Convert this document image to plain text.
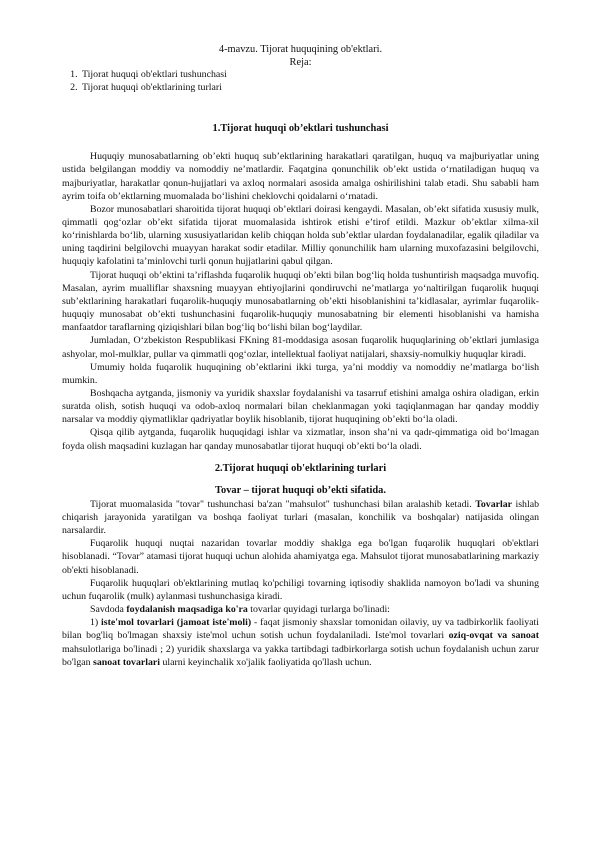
4-mavzu. Tijorat huquqining ob'ektlari.
Reja:
1. Tijorat huquqi ob'ektlari tushunchasi
2. Tijorat huquqi ob'ektlarining turlari
1.Tijorat huquqi ob’ektlari tushunchasi

Huquqiy munosabatlarning ob’ekti huquq sub’ektlarining harakatlari qaratilgan, huquq va majburiyatlar uning ustida belgilangan moddiy va nomoddiy ne’matlardir. Faqatgina qonunchilik ob’ekt ustida o‘rnatiladigan huquq va majburiyatlar, harakatlar qonun-hujjatlari va axloq normalari asosida amalga oshirilishini talab etadi. Shu sababli ham ayrim toifa ob’ektlarning muomalada bo‘lishini cheklovchi qoidalarni o‘rnatadi.

Bozor munosabatlari sharoitida tijorat huquqi ob’ektlari doirasi kengaydi. Masalan, ob’ekt sifatida xususiy mulk, qimmatli qog‘ozlar ob’ekt sifatida tijorat muomalasida ishtirok etishi e’tirof etildi. Mazkur ob’ektlar xilma-xil ko‘rinishlarda bo‘lib, ularning xususiyatlaridan kelib chiqqan holda sub’ektlar ulardan foydalanadilar, egalik qiladilar va uning taqdirini belgilovchi muayyan harakat sodir etadilar. Milliy qonunchilik ham ularning muxofazasini belgilovchi, huquqiy kafolatini ta’minlovchi turli qonun hujjatlarini qabul qilgan.

Tijorat huquqi ob’ektini ta’riflashda fuqarolik huquqi ob’ekti bilan bog‘liq holda tushuntirish maqsadga muvofiq. Masalan, ayrim mualliflar shaxsning muayyan ehtiyojlarini qondiruvchi ne’matlarga yo‘naltirilgan fuqarolik huquqi sub’ektlarining harakatlari fuqarolik-huquqiy munosabatlarning ob’ekti hisoblanishini ta’kidlasalar, ayrimlar fuqarolik-huquqiy munosabat ob’ekti tushunchasini fuqarolik-huquqiy munosabatning bir elementi hisoblanishi va hamisha manfaatdor taraflarning qiziqishlari bilan bog‘liq bo‘lishi bilan bog‘laydilar.

Jumladan, O‘zbekiston Respublikasi FKning 81-moddasiga asosan fuqarolik huquqlarining ob’ektlari jumlasiga ashyolar, mol-mulklar, pullar va qimmatli qog‘ozlar, intellektual faoliyat natijalari, shaxsiy-nomulkiy huquqlar kiradi.

Umumiy holda fuqarolik huquqining ob’ektlarini ikki turga, ya’ni moddiy va nomoddiy ne’matlarga bo‘lish mumkin.

Boshqacha aytganda, jismoniy va yuridik shaxslar foydalanishi va tasarruf etishini amalga oshira oladigan, erkin suratda olish, sotish huquqi va odob-axloq normalari bilan cheklanmagan yoki taqiqlanmagan har qanday moddiy narsalar va moddiy qiymatliklar qadriyatlar boylik hisoblanib, tijorat huquqining ob’ekti bo‘la oladi.

Qisqa qilib aytganda, fuqarolik huquqidagi ishlar va xizmatlar, inson sha’ni va qadr-qimmatiga oid bo‘lmagan foyda olish maqsadini kuzlagan har qanday munosabatlar tijorat huquqi ob’ekti bo‘la oladi.

2.Tijorat huquqi ob'ektlarining turlari
Tovar – tijorat huquqi ob’ekti sifatida.

Tijorat muomalasida "tovar" tushunchasi ba'zan "mahsulot" tushunchasi bilan aralashib ketadi. Tovarlar ishlab chiqarish jarayonida yaratilgan va boshqa faoliyat turlari (masalan, konchilik va boshqalar) natijasida olingan narsalardir.

Fuqarolik huquqi nuqtai nazaridan tovarlar moddiy shaklga ega bo'lgan fuqarolik huquqlari ob'ektlari hisoblanadi. “Tovar” atamasi tijorat huquqi uchun alohida ahamiyatga ega. Mahsulot tijorat munosabatlarining markaziy ob'ekti hisoblanadi.

Fuqarolik huquqlari ob'ektlarining mutlaq ko'pchiligi tovarning iqtisodiy shaklida namoyon bo'ladi va shuning uchun fuqarolik (mulk) aylanmasi tushunchasiga kiradi.

Savdoda foydalanish maqsadiga ko'ra tovarlar quyidagi turlarga bo'linadi:

1) iste'mol tovarlari (jamoat iste'moli) - faqat jismoniy shaxslar tomonidan oilaviy, uy va tadbirkorlik faoliyati bilan bog'liq bo'lmagan shaxsiy iste'mol uchun sotish uchun foydalaniladi. Iste'mol tovarlari oziq-ovqat va sanoat mahsulotlariga bo'linadi ; 2) yuridik shaxslarga va yakka tartibdagi tadbirkorlarga sotish uchun foydalanish uchun zarur bo'lgan sanoat tovarlari ularni keyinchalik xo'jalik faoliyatida qo'llash uchun.
